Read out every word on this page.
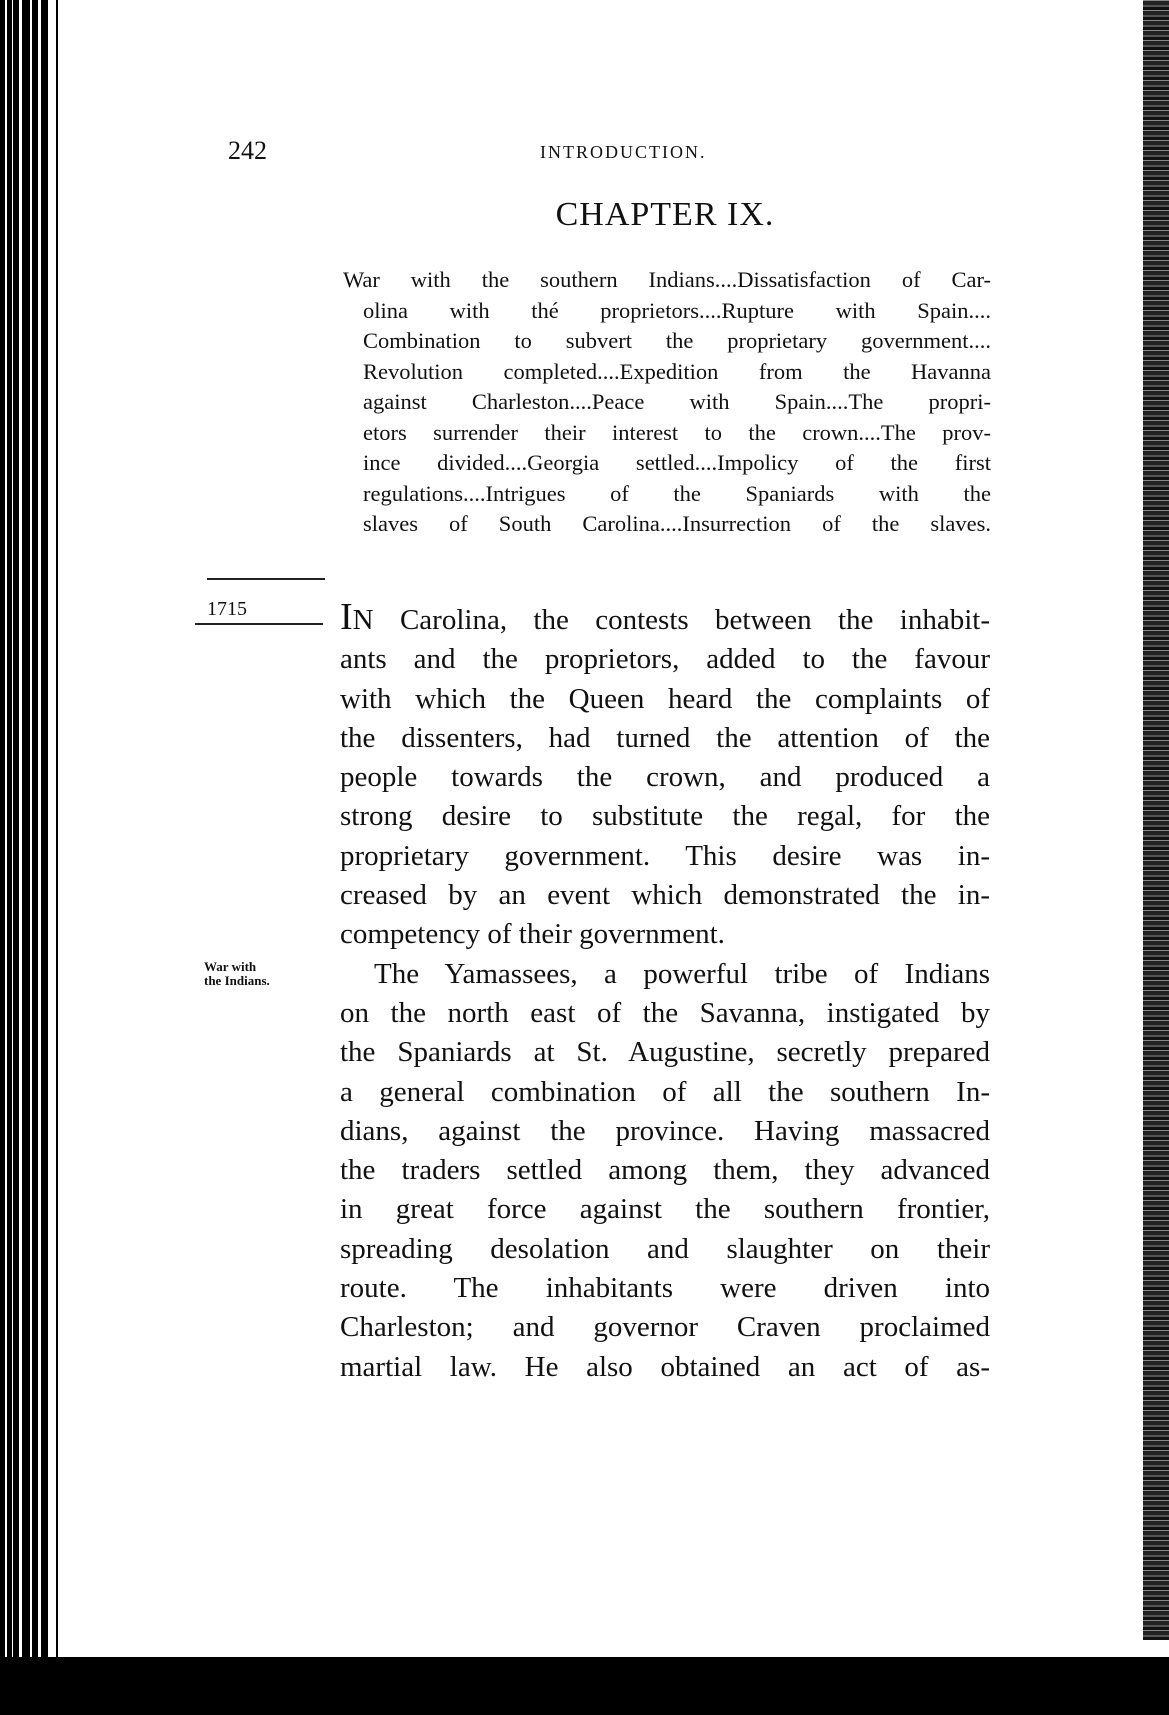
242	INTRODUCTION.
CHAPTER IX.
War with the southern Indians....Dissatisfaction of Car-
olina with thé proprietors....Rupture with Spain....
Combination to subvert the proprietary government....
Revolution completed....Expedition from the Havanna
against Charleston....Peace with Spain....The propri-
etors surrender their interest to the crown....The prov-
ince divided....Georgia settled....Impolicy of the first
regulations....Intrigues of the Spaniards with the
slaves of South Carolina....Insurrection of the slaves.
1715
War with
the Indians.
IN Carolina, the contests between the inhabit-
ants and the proprietors, added to the favour
with which the Queen heard the complaints of
the dissenters, had turned the attention of the
people towards the crown, and produced a
strong desire to substitute the regal, for the
proprietary government. This desire was in-
creased by an event which demonstrated the in-
competency of their government.
The Yamassees, a powerful tribe of Indians
on the north east of the Savanna, instigated by
the Spaniards at St. Augustine, secretly prepared
a general combination of all the southern In-
dians, against the province. Having massacred
the traders settled among them, they advanced
in great force against the southern frontier,
spreading desolation and slaughter on their
route. The inhabitants were driven into
Charleston; and governor Craven proclaimed
martial law. He also obtained an act of as-
